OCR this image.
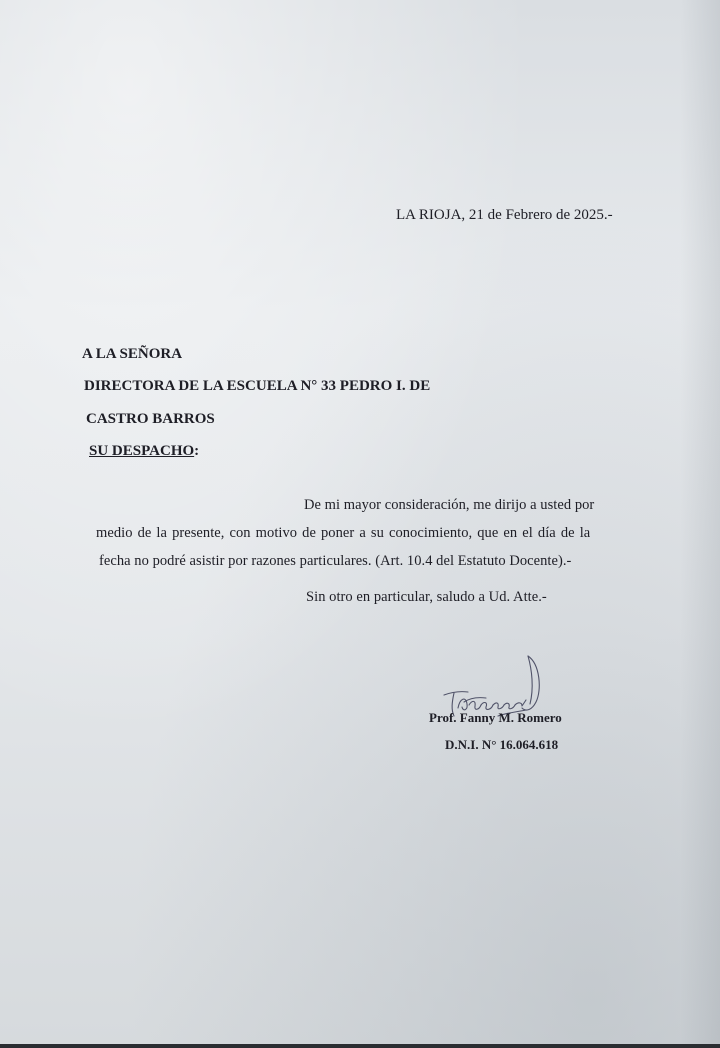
LA RIOJA, 21 de Febrero de 2025.-
A LA SEÑORA
DIRECTORA DE LA ESCUELA N° 33 PEDRO I. DE
CASTRO BARROS
SU DESPACHO:
De mi mayor consideración, me dirijo a usted por
medio de la presente, con motivo de poner a su conocimiento, que en el día de la
fecha no podré asistir por razones particulares. (Art. 10.4 del Estatuto Docente).-
Sin otro en particular, saludo a Ud. Atte.-
Prof. Fanny M. Romero
D.N.I. N° 16.064.618
